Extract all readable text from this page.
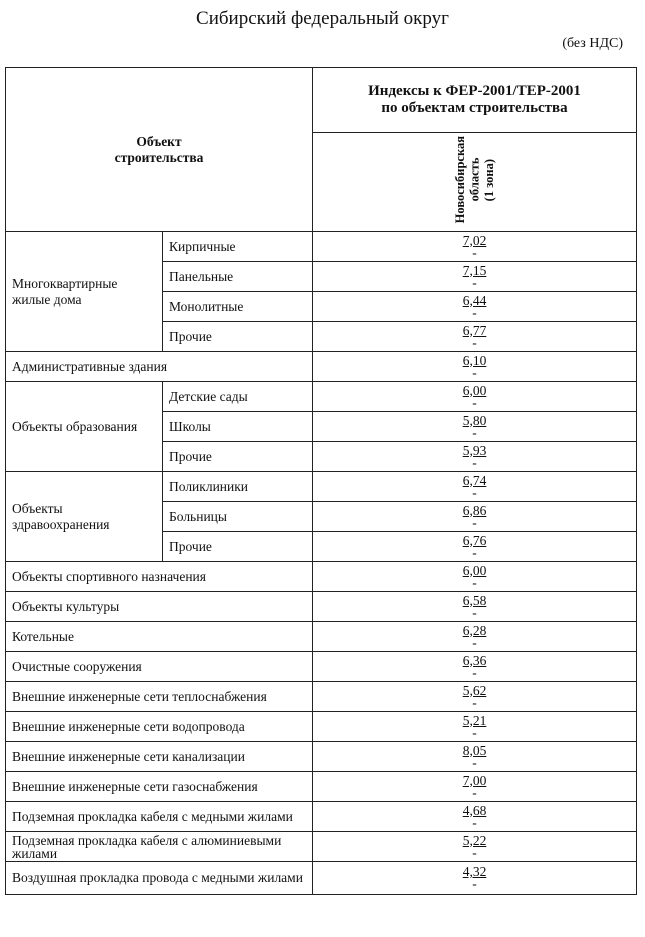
Сибирский федеральный округ
(без НДС)
Объект строительства		Индексы к ФЕР-2001/ТЕР-2001
по объектам строительства

		Новосибирская
область
(1 зона)
Многоквартирные жилые дома	Кирпичные	7,02
-

	Панельные	7,15
-

	Монолитные	6,44
-

	Прочие	6,77
-

Административные здания		6,10
-

Объекты образования	Детские сады	6,00
-

	Школы	5,80
-

	Прочие	5,93
-

Объекты здравоохранения	Поликлиники	6,74
-

	Больницы	6,86
-

	Прочие	6,76
-

Объекты спортивного назначения		6,00
-

Объекты культуры		6,58
-

Котельные		6,28
-

Очистные сооружения		6,36
-

Внешние инженерные сети теплоснабжения		5,62
-

Внешние инженерные сети водопровода		5,21
-

Внешние инженерные сети канализации		8,05
-

Внешние инженерные сети газоснабжения		7,00
-

Подземная прокладка кабеля с медными жилами		4,68
-

Подземная прокладка кабеля с алюминиевыми жилами		5,22
-

Воздушная прокладка провода с медными жилами		4,32
-
